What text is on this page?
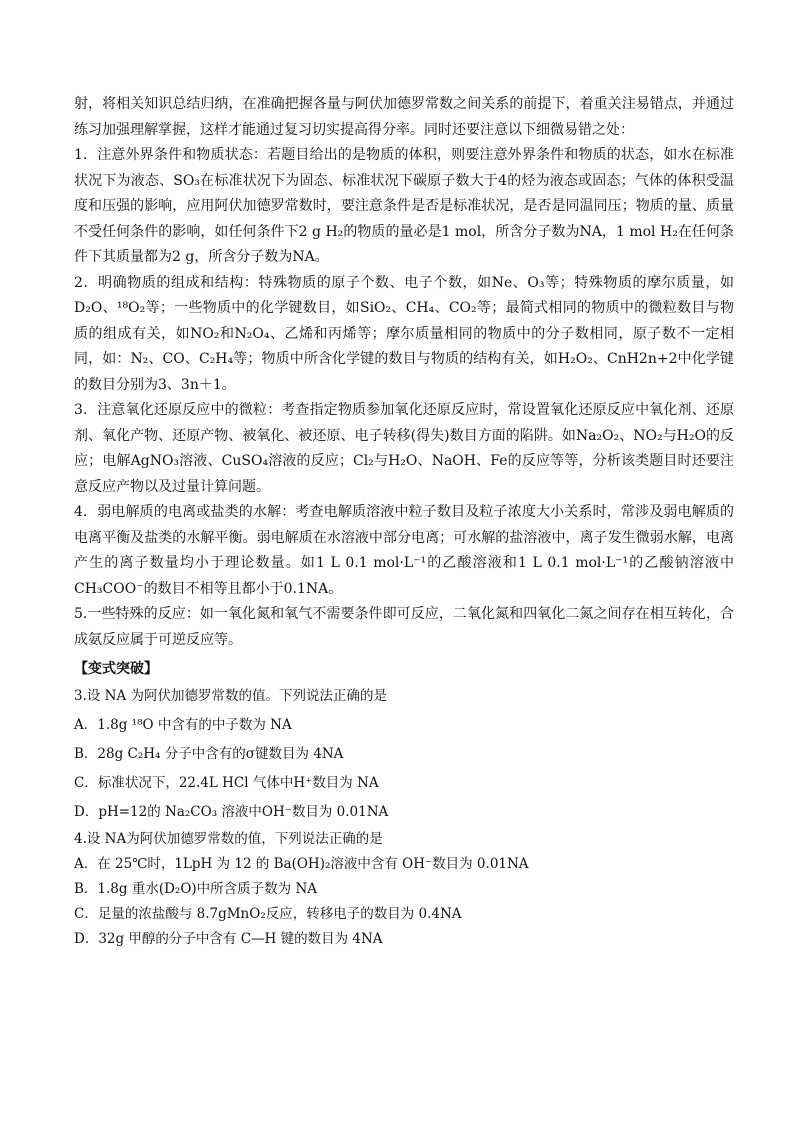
射，将相关知识总结归纳，在准确把握各量与阿伏加德罗常数之间关系的前提下，着重关注易错点，并通过练习加强理解掌握，这样才能通过复习切实提高得分率。同时还要注意以下细微易错之处：

1．注意外界条件和物质状态：若题目给出的是物质的体积，则要注意外界条件和物质的状态，如水在标准状况下为液态、SO₃在标准状况下为固态、标准状况下碳原子数大于4的烃为液态或固态；气体的体积受温度和压强的影响，应用阿伏加德罗常数时，要注意条件是否是标准状况，是否是同温同压；物质的量、质量不受任何条件的影响，如任何条件下2 g H₂的物质的量必是1 mol，所含分子数为NA，1 mol H₂在任何条件下其质量都为2 g，所含分子数为NA。

2．明确物质的组成和结构：特殊物质的原子个数、电子个数，如Ne、O₃等；特殊物质的摩尔质量，如D₂O、¹⁸O₂等；一些物质中的化学键数目，如SiO₂、CH₄、CO₂等；最简式相同的物质中的微粒数目与物质的组成有关，如NO₂和N₂O₄、乙烯和丙烯等；摩尔质量相同的物质中的分子数相同，原子数不一定相同，如：N₂、CO、C₂H₄等；物质中所含化学键的数目与物质的结构有关，如H₂O₂、CnH2n+2中化学键的数目分别为3、3n＋1。

3．注意氧化还原反应中的微粒：考查指定物质参加氧化还原反应时，常设置氧化还原反应中氧化剂、还原剂、氧化产物、还原产物、被氧化、被还原、电子转移(得失)数目方面的陷阱。如Na₂O₂、NO₂与H₂O的反应；电解AgNO₃溶液、CuSO₄溶液的反应；Cl₂与H₂O、NaOH、Fe的反应等等，分析该类题目时还要注意反应产物以及过量计算问题。

4．弱电解质的电离或盐类的水解：考查电解质溶液中粒子数目及粒子浓度大小关系时，常涉及弱电解质的电离平衡及盐类的水解平衡。弱电解质在水溶液中部分电离；可水解的盐溶液中，离子发生微弱水解，电离产生的离子数量均小于理论数量。如1 L 0.1 mol·L⁻¹的乙酸溶液和1 L 0.1 mol·L⁻¹的乙酸钠溶液中CH₃COO⁻的数目不相等且都小于0.1NA。

5.一些特殊的反应：如一氧化氮和氧气不需要条件即可反应，二氧化氮和四氧化二氮之间存在相互转化，合成氨反应属于可逆反应等。

【变式突破】

3.设 NA 为阿伏加德罗常数的值。下列说法正确的是

A．1.8g ¹⁸O 中含有的中子数为 NA

B．28g C₂H₄ 分子中含有的σ键数目为 4NA

C．标准状况下，22.4L HCl 气体中H⁺数目为 NA

D．pH=12的 Na₂CO₃ 溶液中OH⁻数目为 0.01NA

4.设 NA为阿伏加德罗常数的值，下列说法正确的是

A．在 25℃时，1LpH 为 12 的 Ba(OH)₂溶液中含有 OH⁻数目为 0.01NA

B．1.8g 重水(D₂O)中所含质子数为 NA

C．足量的浓盐酸与 8.7gMnO₂反应，转移电子的数目为 0.4NA

D．32g 甲醇的分子中含有 C—H 键的数目为 4NA
